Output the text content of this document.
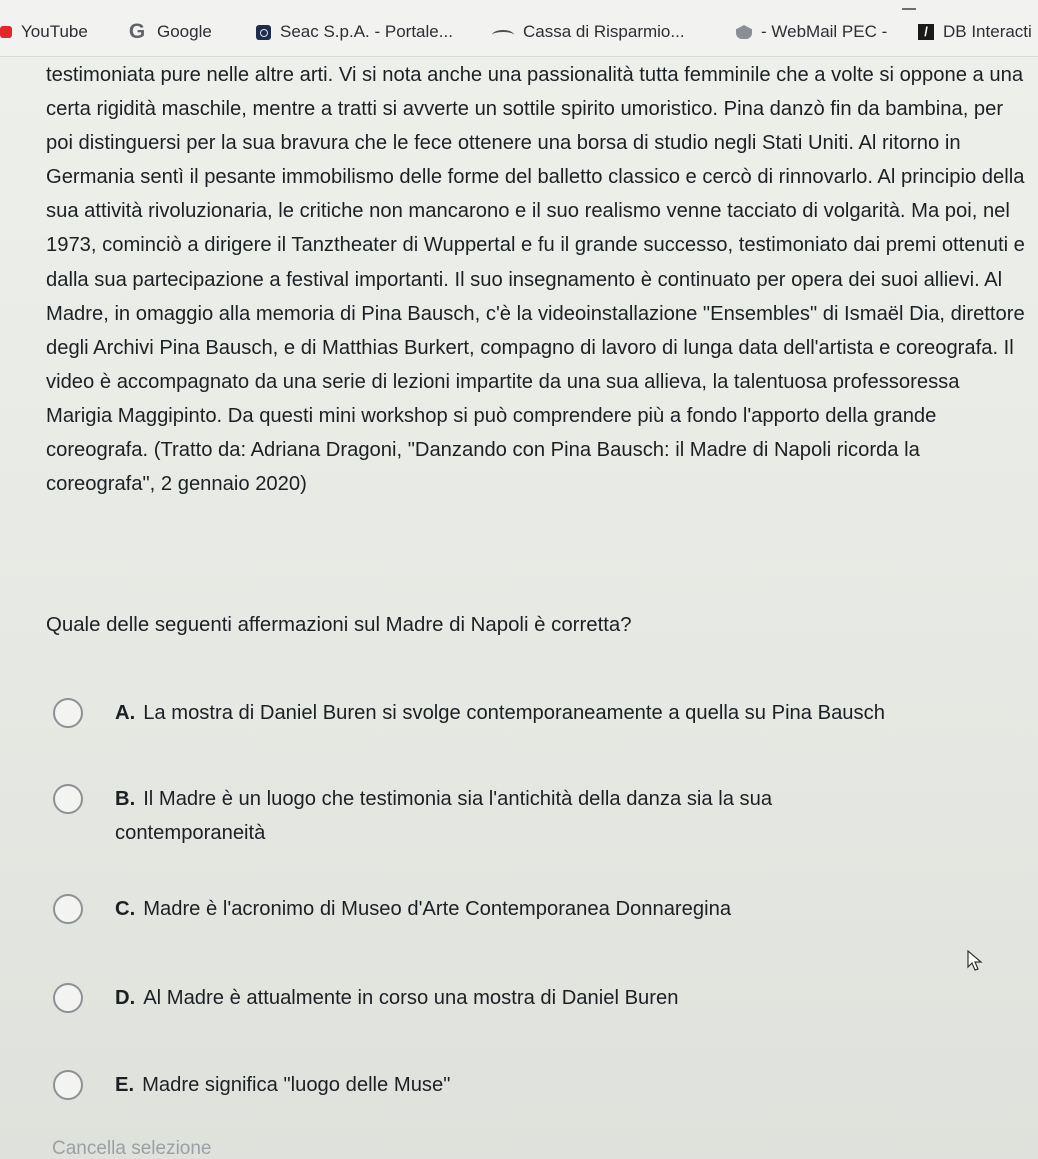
YouTube G Google	Seac S.p.A. - Portale...	Cassa di Risparmio...	- WebMail PEC -	/ DB Interacti

testimoniata pure nelle altre arti. Vi si nota anche una passionalità tutta femminile che a volte si oppone a una certa rigidità maschile, mentre a tratti si avverte un sottile spirito umoristico. Pina danzò fin da bambina, per poi distinguersi per la sua bravura che le fece ottenere una borsa di studio negli Stati Uniti. Al ritorno in Germania sentì il pesante immobilismo delle forme del balletto classico e cercò di rinnovarlo. Al principio della sua attività rivoluzionaria, le critiche non mancarono e il suo realismo venne tacciato di volgarità. Ma poi, nel 1973, cominciò a dirigere il Tanztheater di Wuppertal e fu il grande successo, testimoniato dai premi ottenuti e dalla sua partecipazione a festival importanti. Il suo insegnamento è continuato per opera dei suoi allievi. Al Madre, in omaggio alla memoria di Pina Bausch, c'è la videoinstallazione "Ensembles" di Ismaël Dia, direttore degli Archivi Pina Bausch, e di Matthias Burkert, compagno di lavoro di lunga data dell'artista e coreografa. Il video è accompagnato da una serie di lezioni impartite da una sua allieva, la talentuosa professoressa Marigia Maggipinto. Da questi mini workshop si può comprendere più a fondo l'apporto della grande coreografa. (Tratto da: Adriana Dragoni, "Danzando con Pina Bausch: il Madre di Napoli ricorda la coreografa", 2 gennaio 2020)

Quale delle seguenti affermazioni sul Madre di Napoli è corretta?

A. La mostra di Daniel Buren si svolge contemporaneamente a quella su Pina Bausch
B. Il Madre è un luogo che testimonia sia l'antichità della danza sia la sua contemporaneità
C. Madre è l'acronimo di Museo d'Arte Contemporanea Donnaregina
D. Al Madre è attualmente in corso una mostra di Daniel Buren
E. Madre significa "luogo delle Muse"
Cancella selezione
